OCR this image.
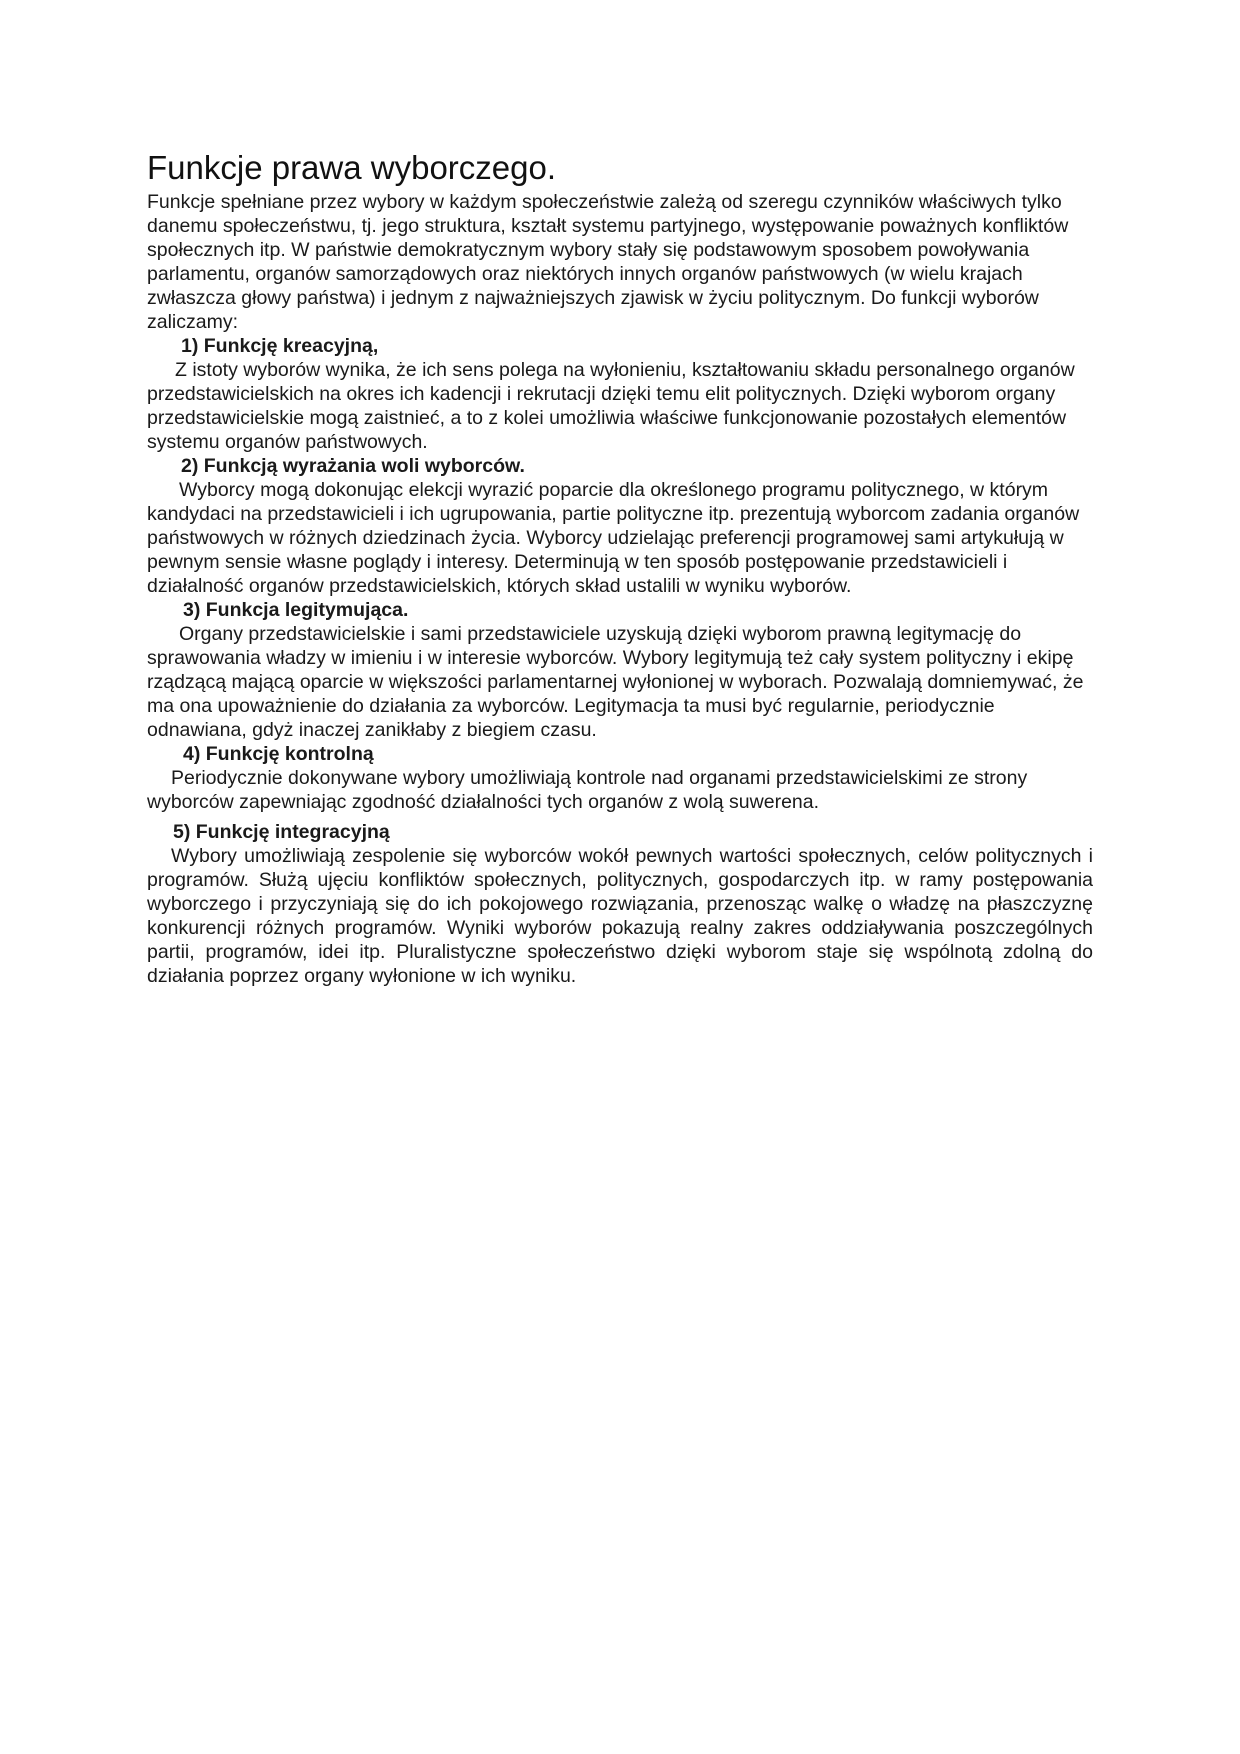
Funkcje prawa wyborczego.

Funkcje spełniane przez wybory w każdym społeczeństwie zależą od szeregu czynników właściwych tylko danemu społeczeństwu, tj. jego struktura, kształt systemu partyjnego, występowanie poważnych konfliktów społecznych itp. W państwie demokratycznym wybory stały się podstawowym sposobem powoływania parlamentu, organów samorządowych oraz niektórych innych organów państwowych (w wielu krajach zwłaszcza głowy państwa) i jednym z najważniejszych zjawisk w życiu politycznym. Do funkcji wyborów zaliczamy:

1) Funkcję kreacyjną,

Z istoty wyborów wynika, że ich sens polega na wyłonieniu, kształtowaniu składu personalnego organów przedstawicielskich na okres ich kadencji i rekrutacji dzięki temu elit politycznych. Dzięki wyborom organy przedstawicielskie mogą zaistnieć, a to z kolei umożliwia właściwe funkcjonowanie pozostałych elementów systemu organów państwowych.

2) Funkcją wyrażania woli wyborców.

Wyborcy mogą dokonując elekcji wyrazić poparcie dla określonego programu politycznego, w którym kandydaci na przedstawicieli i ich ugrupowania, partie polityczne itp. prezentują wyborcom zadania organów państwowych w różnych dziedzinach życia. Wyborcy udzielając preferencji programowej sami artykułują w pewnym sensie własne poglądy i interesy. Determinują w ten sposób postępowanie przedstawicieli i działalność organów przedstawicielskich, których skład ustalili w wyniku wyborów.

3) Funkcja legitymująca.

Organy przedstawicielskie i sami przedstawiciele uzyskują dzięki wyborom prawną legitymację do sprawowania władzy w imieniu i w interesie wyborców. Wybory legitymują też cały system polityczny i ekipę rządzącą mającą oparcie w większości parlamentarnej wyłonionej w wyborach. Pozwalają domniemywać, że ma ona upoważnienie do działania za wyborców. Legitymacja ta musi być regularnie, periodycznie odnawiana, gdyż inaczej zanikłaby z biegiem czasu.

4) Funkcję kontrolną

Periodycznie dokonywane wybory umożliwiają kontrole nad organami przedstawicielskimi ze strony wyborców zapewniając zgodność działalności tych organów z wolą suwerena.

5) Funkcję integracyjną

Wybory umożliwiają zespolenie się wyborców wokół pewnych wartości społecznych, celów politycznych i programów. Służą ujęciu konfliktów społecznych, politycznych, gospodarczych itp. w ramy postępowania wyborczego i przyczyniają się do ich pokojowego rozwiązania, przenosząc walkę o władzę na płaszczyznę konkurencji różnych programów. Wyniki wyborów pokazują realny zakres oddziaływania poszczególnych partii, programów, idei itp. Pluralistyczne społeczeństwo dzięki wyborom staje się wspólnotą zdolną do działania poprzez organy wyłonione w ich wyniku.
